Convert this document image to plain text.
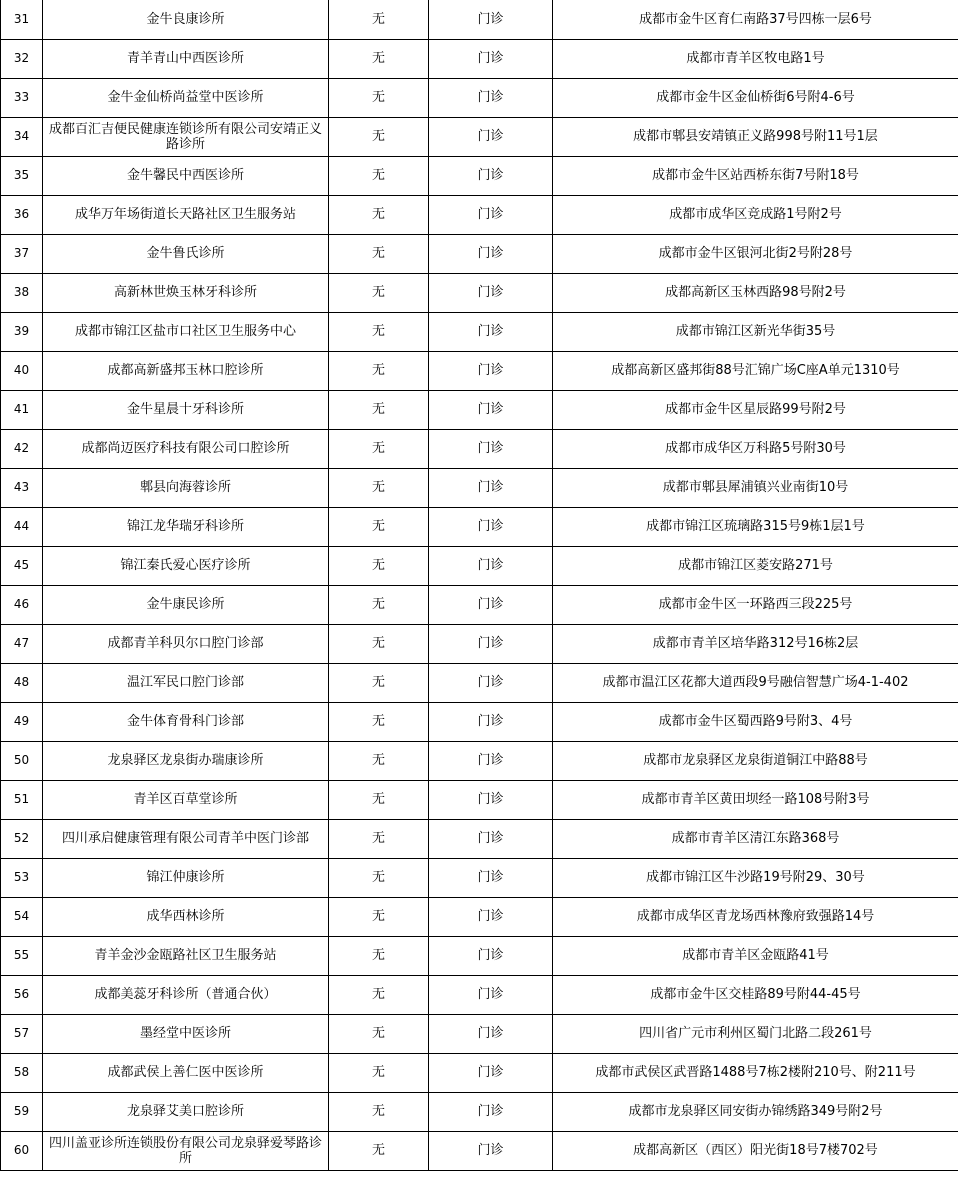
31	金牛良康诊所	无	门诊	成都市金牛区育仁南路37号四栋一层6号
32	青羊青山中西医诊所	无	门诊	成都市青羊区牧电路1号
33	金牛金仙桥尚益堂中医诊所	无	门诊	成都市金牛区金仙桥街6号附4-6号
34	成都百汇吉便民健康连锁诊所有限公司安靖正义路诊所	无	门诊	成都市郫县安靖镇正义路998号附11号1层
35	金牛馨民中西医诊所	无	门诊	成都市金牛区站西桥东街7号附18号
36	成华万年场街道长天路社区卫生服务站	无	门诊	成都市成华区竞成路1号附2号
37	金牛鲁氏诊所	无	门诊	成都市金牛区银河北街2号附28号
38	高新林世焕玉林牙科诊所	无	门诊	成都高新区玉林西路98号附2号
39	成都市锦江区盐市口社区卫生服务中心	无	门诊	成都市锦江区新光华街35号
40	成都高新盛邦玉林口腔诊所	无	门诊	成都高新区盛邦街88号汇锦广场C座A单元1310号
41	金牛星晨十牙科诊所	无	门诊	成都市金牛区星辰路99号附2号
42	成都尚迈医疗科技有限公司口腔诊所	无	门诊	成都市成华区万科路5号附30号
43	郫县向海蓉诊所	无	门诊	成都市郫县犀浦镇兴业南街10号
44	锦江龙华瑞牙科诊所	无	门诊	成都市锦江区琉璃路315号9栋1层1号
45	锦江秦氏爱心医疗诊所	无	门诊	成都市锦江区菱安路271号
46	金牛康民诊所	无	门诊	成都市金牛区一环路西三段225号
47	成都青羊科贝尔口腔门诊部	无	门诊	成都市青羊区培华路312号16栋2层
48	温江军民口腔门诊部	无	门诊	成都市温江区花都大道西段9号融信智慧广场4-1-402
49	金牛体育骨科门诊部	无	门诊	成都市金牛区蜀西路9号附3、4号
50	龙泉驿区龙泉街办瑞康诊所	无	门诊	成都市龙泉驿区龙泉街道铜江中路88号
51	青羊区百草堂诊所	无	门诊	成都市青羊区黄田坝经一路108号附3号
52	四川承启健康管理有限公司青羊中医门诊部	无	门诊	成都市青羊区清江东路368号
53	锦江仲康诊所	无	门诊	成都市锦江区牛沙路19号附29、30号
54	成华西林诊所	无	门诊	成都市成华区青龙场西林豫府致强路14号
55	青羊金沙金瓯路社区卫生服务站	无	门诊	成都市青羊区金瓯路41号
56	成都美蕊牙科诊所（普通合伙）	无	门诊	成都市金牛区交桂路89号附44-45号
57	墨经堂中医诊所	无	门诊	四川省广元市利州区蜀门北路二段261号
58	成都武侯上善仁医中医诊所	无	门诊	成都市武侯区武晋路1488号7栋2楼附210号、附211号
59	龙泉驿艾美口腔诊所	无	门诊	成都市龙泉驿区同安街办锦绣路349号附2号
60	四川盖亚诊所连锁股份有限公司龙泉驿爱琴路诊所	无	门诊	成都高新区（西区）阳光街18号7楼702号
